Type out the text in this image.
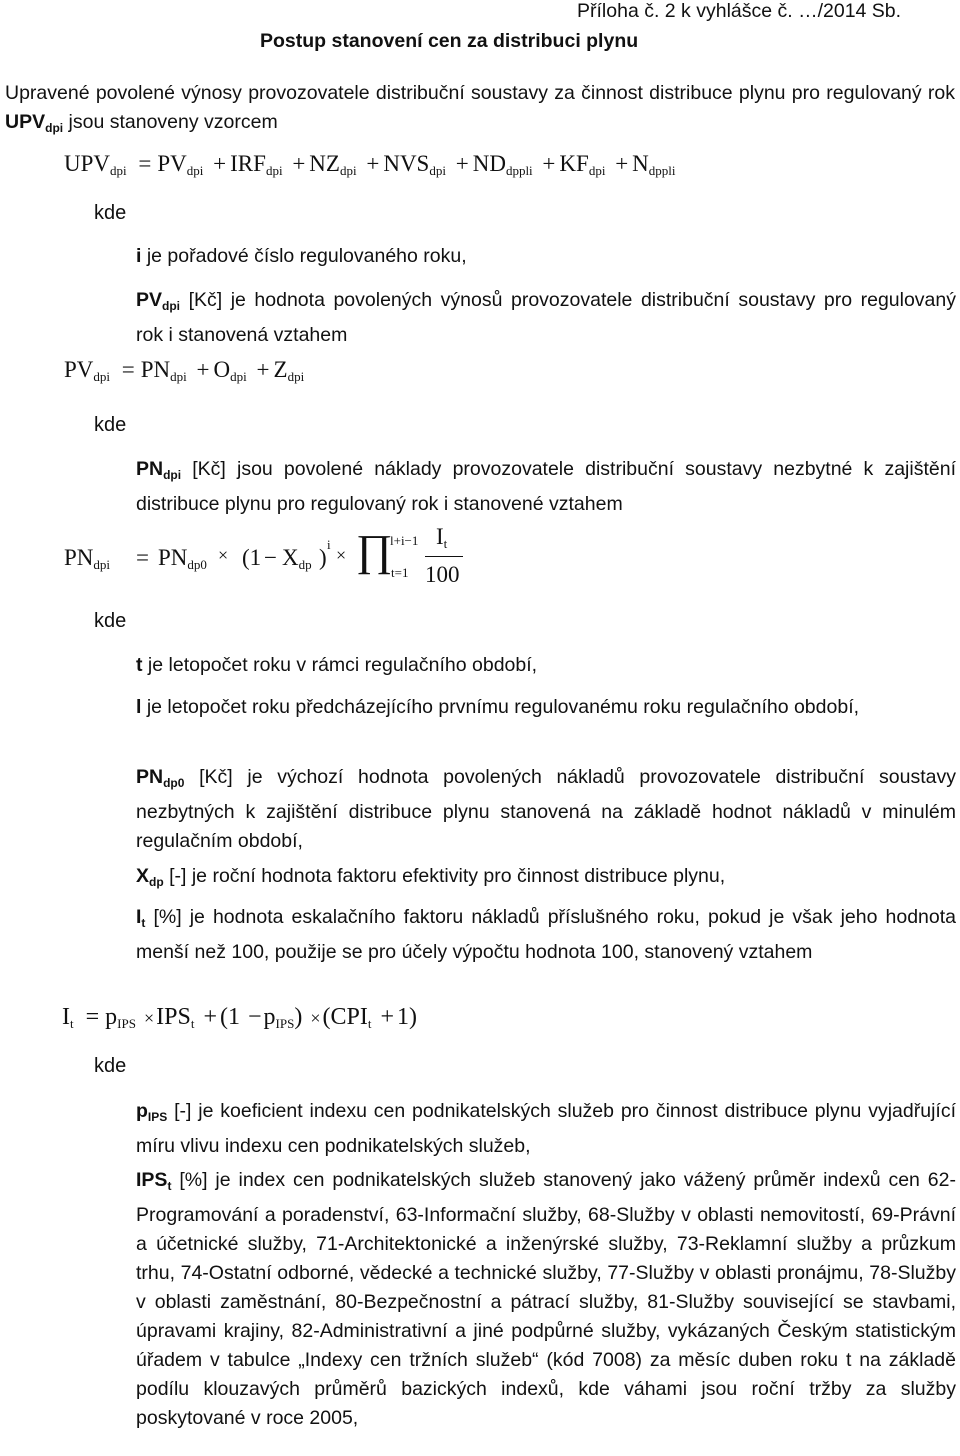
Příloha č. 2 k vyhlášce č. …/2014 Sb.
Postup stanovení cen za distribuci plynu

Upravené povolené výnosy provozovatele distribuční soustavy za činnost distribuce plynu pro regulovaný rok $UPV_{dpi}$ jsou stanoveny vzorcem

$UPV_{dpi} = PV_{dpi} + IRF_{dpi} + NZ_{dpi} + NVS_{dpi} + ND_{dppli} + KF_{dpi} + N_{dppli}$
kde

i je pořadové číslo regulovaného roku,

$PV_{dpi}$ [Kč] je hodnota povolených výnosů provozovatele distribuční soustavy pro regulovaný rok i stanovená vztahem

$PV_{dpi} = PN_{dpi} + O_{dpi} + Z_{dpi}$
kde

$PN_{dpi}$ [Kč] jsou povolené náklady provozovatele distribuční soustavy nezbytné k zajištění distribuce plynu pro regulovaný rok i stanovené vztahem

$PN_{dpi} = PN_{dp0} \times (1 - X_{dp}$ )
i
× ∏
l+i−1
t=1
$I_t$
100
kde

t je letopočet roku v rámci regulačního období,

l je letopočet roku předcházejícího prvnímu regulovanému roku regulačního období,

$PN_{dp0}$ [Kč] je výchozí hodnota povolených nákladů provozovatele distribuční soustavy nezbytných k zajištění distribuce plynu stanovená na základě hodnot nákladů v minulém regulačním období,

$X_{dp}$ [-] je roční hodnota faktoru efektivity pro činnost distribuce plynu,

$I_t$ [%] je hodnota eskalačního faktoru nákladů příslušného roku, pokud je však jeho hodnota menší než 100, použije se pro účely výpočtu hodnota 100, stanovený vztahem

$I_t = p_{IPS} \times IPS_t + (1 -p_{IPS}) \times(CPI_t + 1)$
kde

$p_{IPS}$ [-] je koeficient indexu cen podnikatelských služeb pro činnost distribuce plynu vyjadřující míru vlivu indexu cen podnikatelských služeb,

$IPS_t$ [%] je index cen podnikatelských služeb stanovený jako vážený průměr indexů cen 62-Programování a poradenství, 63-Informační služby, 68-Služby v oblasti nemovitostí, 69-Právní a účetnické služby, 71-Architektonické a inženýrské služby, 73-Reklamní služby a průzkum trhu, 74-Ostatní odborné, vědecké a technické služby, 77-Služby v oblasti pronájmu, 78-Služby v oblasti zaměstnání, 80-Bezpečnostní a pátrací služby, 81-Služby související se stavbami, úpravami krajiny, 82-Administrativní a jiné podpůrné služby, vykázaných Českým statistickým úřadem v tabulce „Indexy cen tržních služeb“ (kód 7008) za měsíc duben roku t na základě podílu klouzavých průměrů bazických indexů, kde váhami jsou roční tržby za služby poskytované v roce 2005,
